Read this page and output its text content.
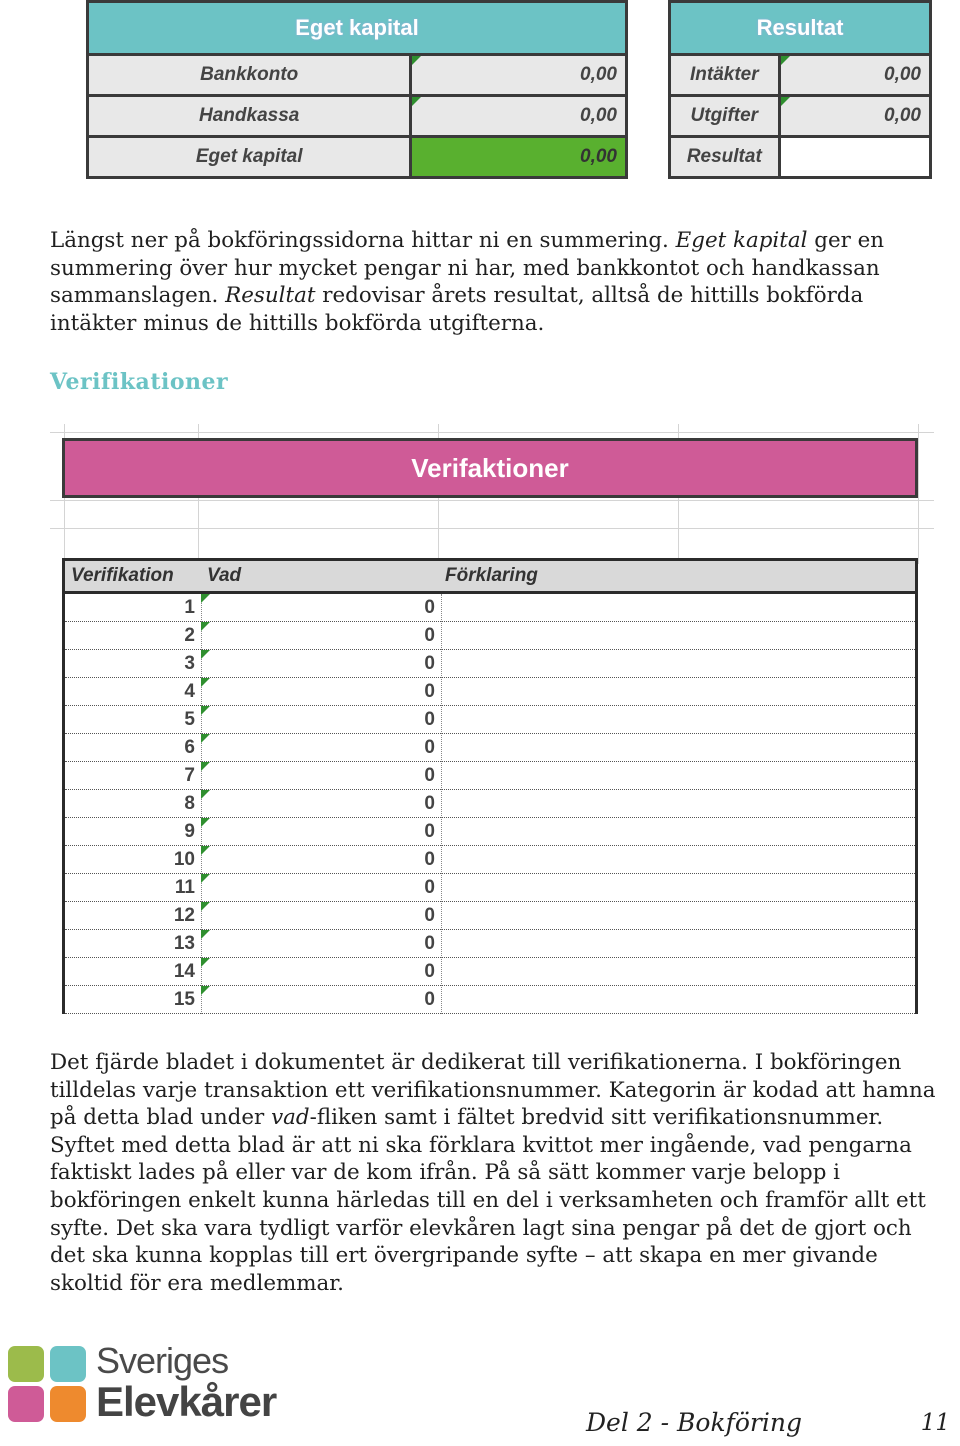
Eget kapital	
Bankkonto	0,00
Handkassa	0,00
Eget kapital	0,00
Resultat	
Intäkter	0,00
Utgifter	0,00
Resultat	

Längst ner på bokföringssidorna hittar ni en summering. Eget kapital ger en summering över hur mycket pengar ni har, med bankkontot och handkassan sammanslagen. Resultat redovisar årets resultat, alltså de hittills bokförda intäkter minus de hittills bokförda utgifterna.

Verifikationer
Verifaktioner
Verifikation Vad	Förklaring
1	0
2	0
3	0
4	0
5	0
6	0
7	0
8	0
9	0
10	0
11	0
12	0
13	0
14	0
15	0

Det fjärde bladet i dokumentet är dedikerat till verifikationerna. I bokföringen tilldelas varje transaktion ett verifikationsnummer. Kategorin är kodad att hamna på detta blad under vad-fliken samt i fältet bredvid sitt verifikationsnummer. Syftet med detta blad är att ni ska förklara kvittot mer ingående, vad pengarna faktiskt lades på eller var de kom ifrån. På så sätt kommer varje belopp i bokföringen enkelt kunna härledas till en del i verksamheten och framför allt ett syfte. Det ska vara tydligt varför elevkåren lagt sina pengar på det de gjort och det ska kunna kopplas till ert övergripande syfte – att skapa en mer givande skoltid för era medlemmar.

Sveriges
Elevkårer	Del 2 - Bokföring	11
